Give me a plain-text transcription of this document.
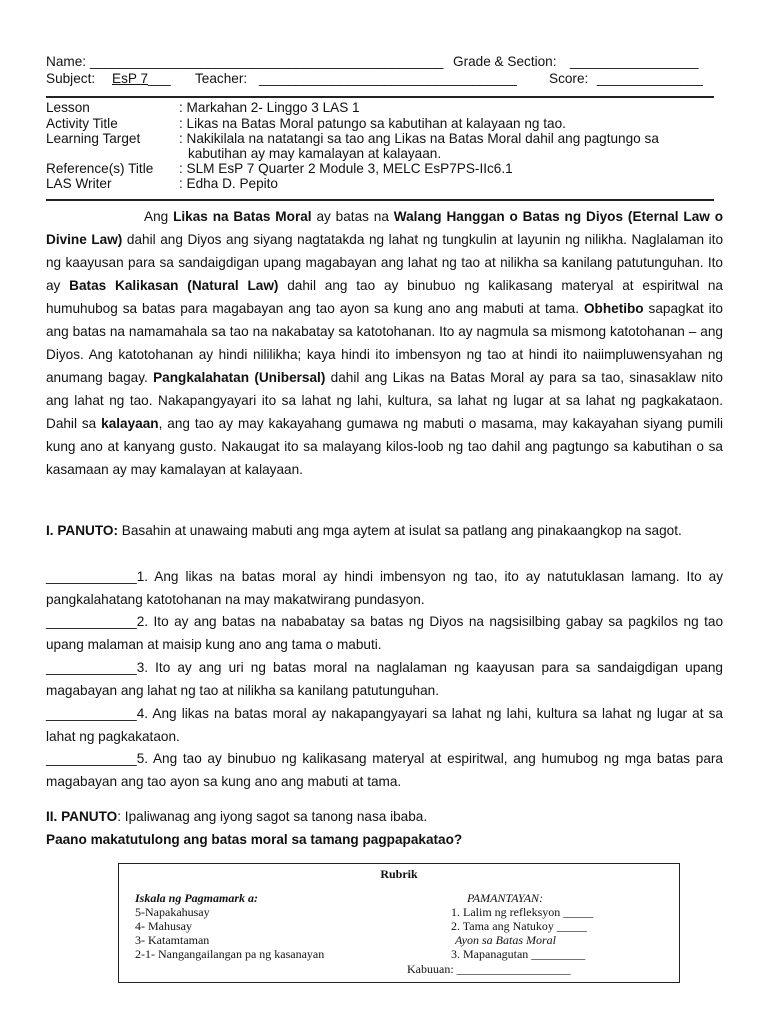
Name: ________________________________________________ Grade & Section: _________________
Subject: EsP 7___ Teacher: ___________________________________ Score: ______________
Lesson	: Markahan 2- Linggo 3 LAS 1
Activity Title	: Likas na Batas Moral patungo sa kabutihan at kalayaan ng tao.
Learning Target	: Nakikilala na natatangi sa tao ang Likas na Batas Moral dahil ang pagtungo sa
kabutihan ay may kamalayan at kalayaan.
Reference(s) Title : SLM EsP 7 Quarter 2 Module 3, MELC EsP7PS-IIc6.1
LAS Writer	: Edha D. Pepito
Ang Likas na Batas Moral ay batas na Walang Hanggan o Batas ng Diyos (Eternal Law o Divine Law) dahil ang Diyos ang siyang nagtatakda ng lahat ng tungkulin at layunin ng nilikha. Naglalaman ito ng kaayusan para sa sandaigdigan upang magabayan ang lahat ng tao at nilikha sa kanilang patutunguhan. Ito ay Batas Kalikasan (Natural Law) dahil ang tao ay binubuo ng kalikasang materyal at espiritwal na humuhubog sa batas para magabayan ang tao ayon sa kung ano ang mabuti at tama. Obhetibo sapagkat ito ang batas na namamahala sa tao na nakabatay sa katotohanan. Ito ay nagmula sa mismong katotohanan – ang Diyos. Ang katotohanan ay hindi nililikha; kaya hindi ito imbensyon ng tao at hindi ito naiimpluwensyahan ng anumang bagay. Pangkalahatan (Unibersal) dahil ang Likas na Batas Moral ay para sa tao, sinasaklaw nito ang lahat ng tao. Nakapangyayari ito sa lahat ng lahi, kultura, sa lahat ng lugar at sa lahat ng pagkakataon. Dahil sa kalayaan, ang tao ay may kakayahang gumawa ng mabuti o masama, may kakayahan siyang pumili kung ano at kanyang gusto. Nakaugat ito sa malayang kilos-loob ng tao dahil ang pagtungo sa kabutihan o sa kasamaan ay may kamalayan at kalayaan.
I. PANUTO: Basahin at unawaing mabuti ang mga aytem at isulat sa patlang ang pinakaangkop na sagot.
____________1. Ang likas na batas moral ay hindi imbensyon ng tao, ito ay natutuklasan lamang. Ito ay pangkalahatang katotohanan na may makatwirang pundasyon.
____________2. Ito ay ang batas na nababatay sa batas ng Diyos na nagsisilbing gabay sa pagkilos ng tao upang malaman at maisip kung ano ang tama o mabuti.
____________3. Ito ay ang uri ng batas moral na naglalaman ng kaayusan para sa sandaigdigan upang magabayan ang lahat ng tao at nilikha sa kanilang patutunguhan.
____________4. Ang likas na batas moral ay nakapangyayari sa lahat ng lahi, kultura sa lahat ng lugar at sa lahat ng pagkakataon.
____________5. Ang tao ay binubuo ng kalikasang materyal at espiritwal, ang humubog ng mga batas para magabayan ang tao ayon sa kung ano ang mabuti at tama.
II. PANUTO: Ipaliwanag ang iyong sagot sa tanong nasa ibaba.
Paano makatutulong ang batas moral sa tamang pagpapakatao?
Rubrik
Iskala ng Pagmamark a:
5-Napakahusay
4- Mahusay
3- Katamtaman
2-1- Nangangailangan pa ng kasanayan
PAMANTAYAN:
1. Lalim ng refleksyon _____
2. Tama ang Natukoy _____
Ayon sa Batas Moral
3. Mapanagutan _________
Kabuuan: ___________________
